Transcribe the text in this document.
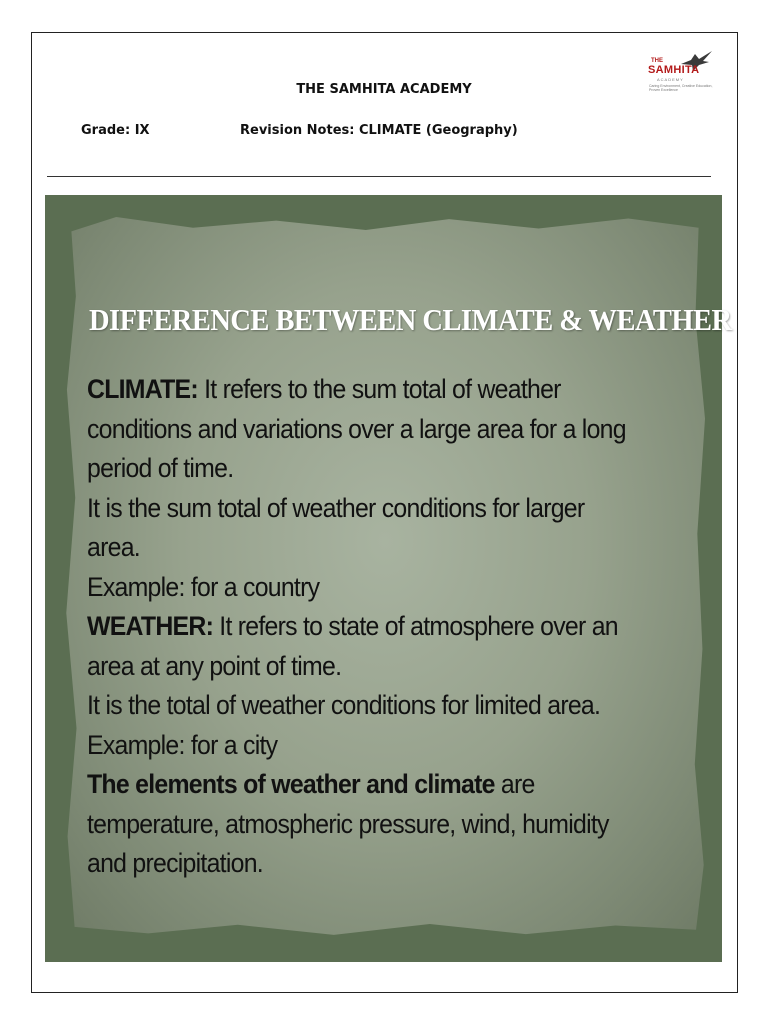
THE SAMHITA ACADEMY
Grade: IX	Revision Notes: CLIMATE (Geography)
THE
SAMHITA
ACADEMY
Caring Environment, Creative Education, Proven Excellence
DIFFERENCE BETWEEN CLIMATE & WEATHER

CLIMATE: It refers to the sum total of weather

conditions and variations over a large area for a long

period of time.

It is the sum total of weather conditions for larger

area.

Example: for a country

WEATHER: It refers to state of atmosphere over an

area at any point of time.

It is the total of weather conditions for limited area.

Example: for a city

The elements of weather and climate are

temperature, atmospheric pressure, wind, humidity

and precipitation.
